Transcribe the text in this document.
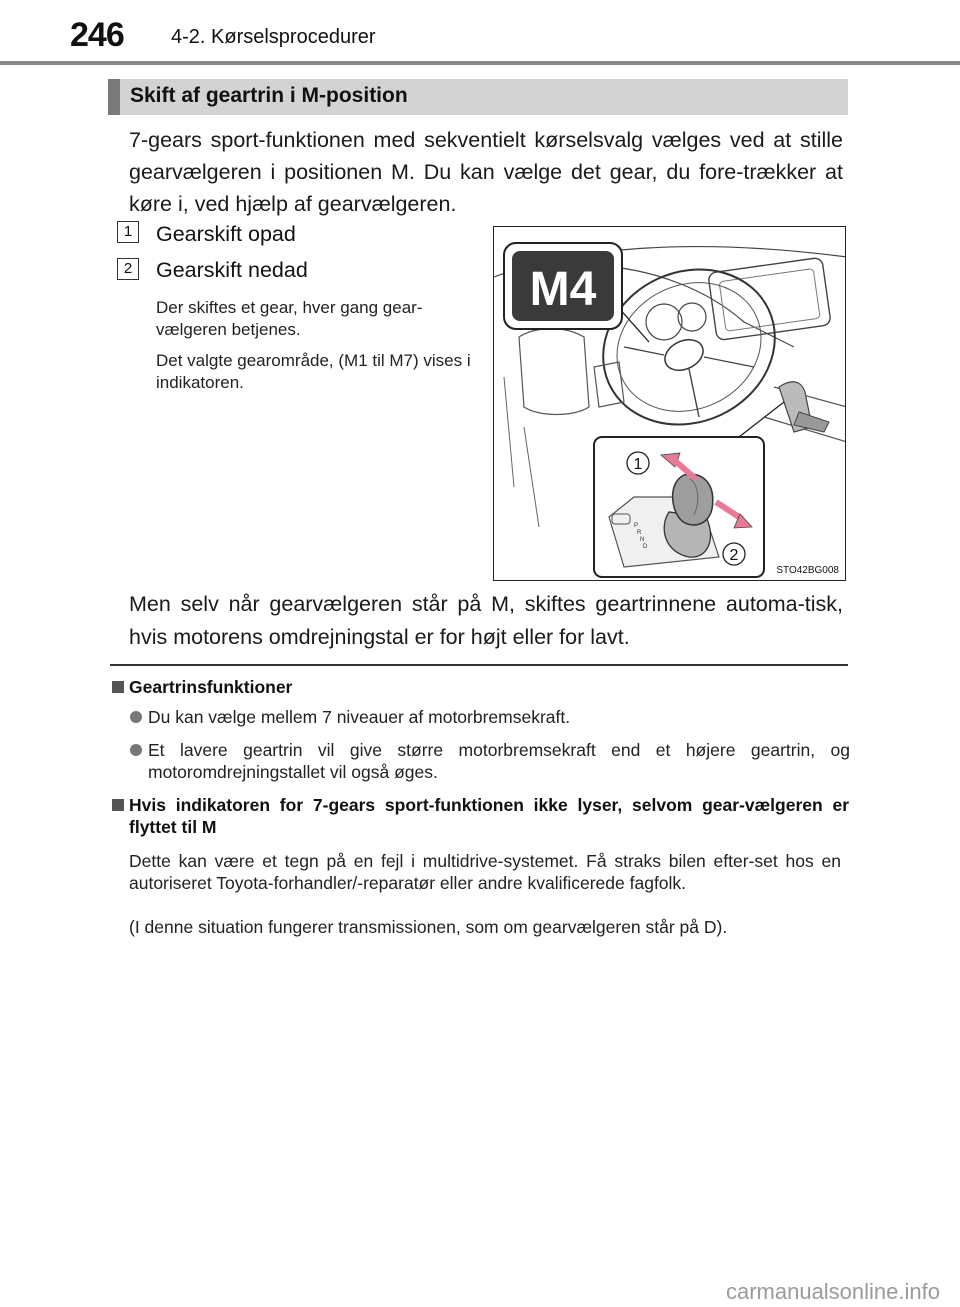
246 4-2. Kørselsprocedurer
Skift af geartrin i M-position
7-gears sport-funktionen med sekventielt kørselsvalg vælges ved at stille gearvælgeren i positionen M. Du kan vælge det gear, du fore-trækker at køre i, ved hjælp af gearvælgeren.
1	Gearskift opad
2	Gearskift nedad
Der skiftes et gear, hver gang gear-vælgeren betjenes.
Det valgte gearområde, (M1 til M7) vises i indikatoren.
M4
P R N D
1
2
STO42BG008
Men selv når gearvælgeren står på M, skiftes geartrinnene automa-tisk, hvis motorens omdrejningstal er for højt eller for lavt.
Geartrinsfunktioner
Du kan vælge mellem 7 niveauer af motorbremsekraft.
Et lavere geartrin vil give større motorbremsekraft end et højere geartrin, og motoromdrejningstallet vil også øges.
Hvis indikatoren for 7-gears sport-funktionen ikke lyser, selvom gear-vælgeren er flyttet til M
Dette kan være et tegn på en fejl i multidrive-systemet. Få straks bilen efter-set hos en autoriseret Toyota-forhandler/-reparatør eller andre kvalificerede fagfolk.
(I denne situation fungerer transmissionen, som om gearvælgeren står på D).
carmanualsonline.info
